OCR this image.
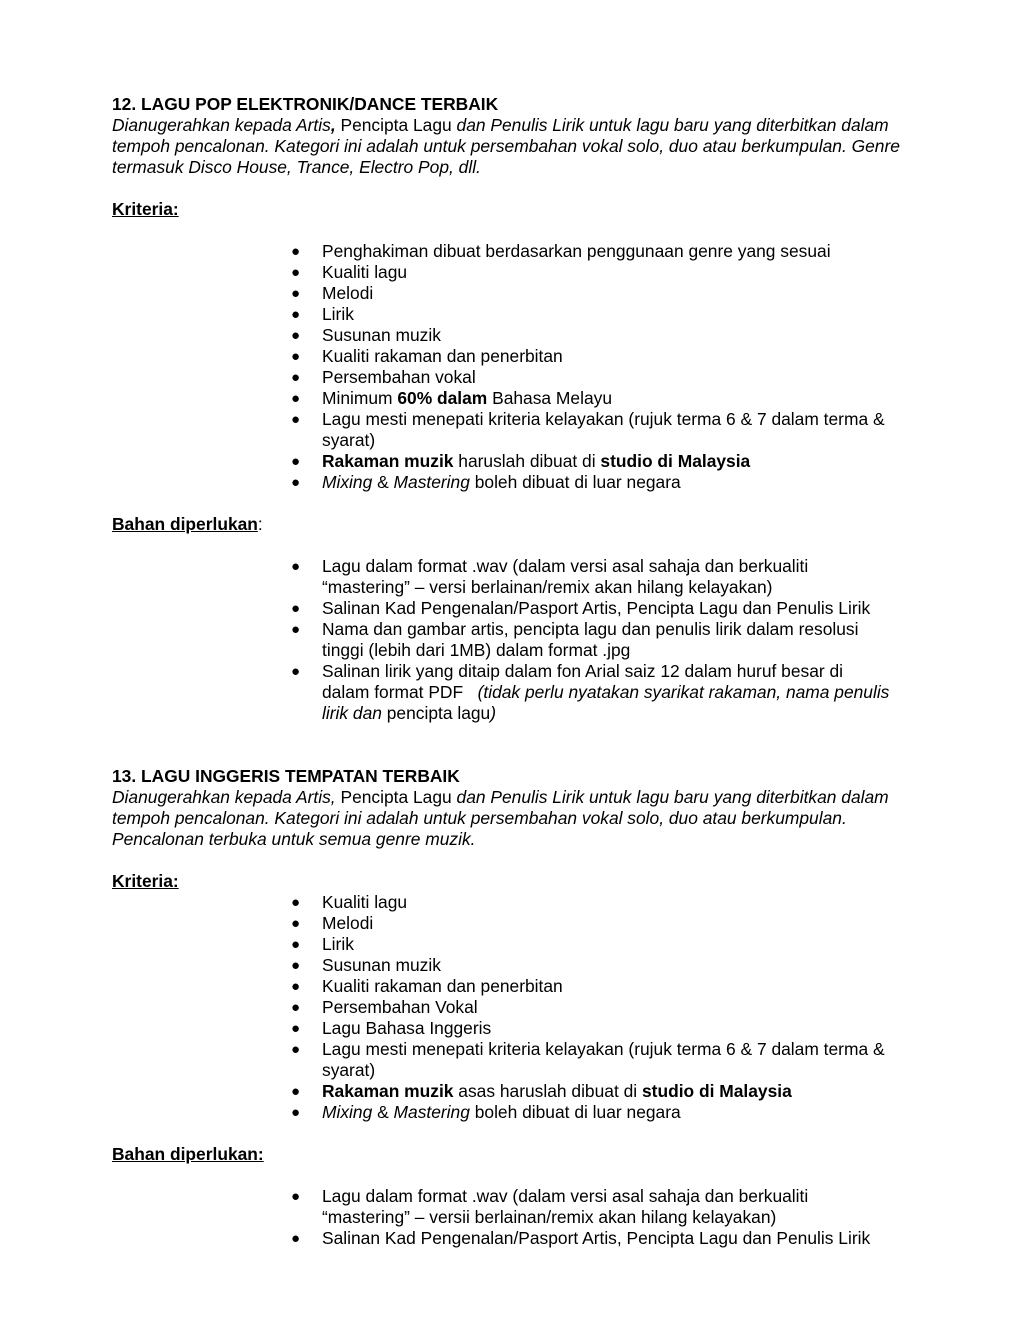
12. LAGU POP ELEKTRONIK/DANCE TERBAIK

Dianugerahkan kepada Artis, Pencipta Lagu dan Penulis Lirik untuk lagu baru yang diterbitkan dalam tempoh pencalonan. Kategori ini adalah untuk persembahan vokal solo, duo atau berkumpulan. Genre termasuk Disco House, Trance, Electro Pop, dll.

Kriteria:

● Penghakiman dibuat berdasarkan penggunaan genre yang sesuai
● Kualiti lagu
● Melodi
● Lirik
● Susunan muzik
● Kualiti rakaman dan penerbitan
● Persembahan vokal
● Minimum 60% dalam Bahasa Melayu
● Lagu mesti menepati kriteria kelayakan (rujuk terma 6 & 7 dalam terma & syarat)
● Rakaman muzik haruslah dibuat di studio di Malaysia
● Mixing & Mastering boleh dibuat di luar negara

Bahan diperlukan:

● Lagu dalam format .wav (dalam versi asal sahaja dan berkualiti “mastering” – versi berlainan/remix akan hilang kelayakan)
● Salinan Kad Pengenalan/Pasport Artis, Pencipta Lagu dan Penulis Lirik
● Nama dan gambar artis, pencipta lagu dan penulis lirik dalam resolusi tinggi (lebih dari 1MB) dalam format .jpg
● Salinan lirik yang ditaip dalam fon Arial saiz 12 dalam huruf besar di dalam format PDF   (tidak perlu nyatakan syarikat rakaman, nama penulis lirik dan pencipta lagu)

13. LAGU INGGERIS TEMPATAN TERBAIK

Dianugerahkan kepada Artis, Pencipta Lagu dan Penulis Lirik untuk lagu baru yang diterbitkan dalam tempoh pencalonan. Kategori ini adalah untuk persembahan vokal solo, duo atau berkumpulan. Pencalonan terbuka untuk semua genre muzik.

Kriteria:

● Kualiti lagu
● Melodi
● Lirik
● Susunan muzik
● Kualiti rakaman dan penerbitan
● Persembahan Vokal
● Lagu Bahasa Inggeris
● Lagu mesti menepati kriteria kelayakan (rujuk terma 6 & 7 dalam terma & syarat)
● Rakaman muzik asas haruslah dibuat di studio di Malaysia
● Mixing & Mastering boleh dibuat di luar negara

Bahan diperlukan:

● Lagu dalam format .wav (dalam versi asal sahaja dan berkualiti “mastering” – versii berlainan/remix akan hilang kelayakan)
● Salinan Kad Pengenalan/Pasport Artis, Pencipta Lagu dan Penulis Lirik
